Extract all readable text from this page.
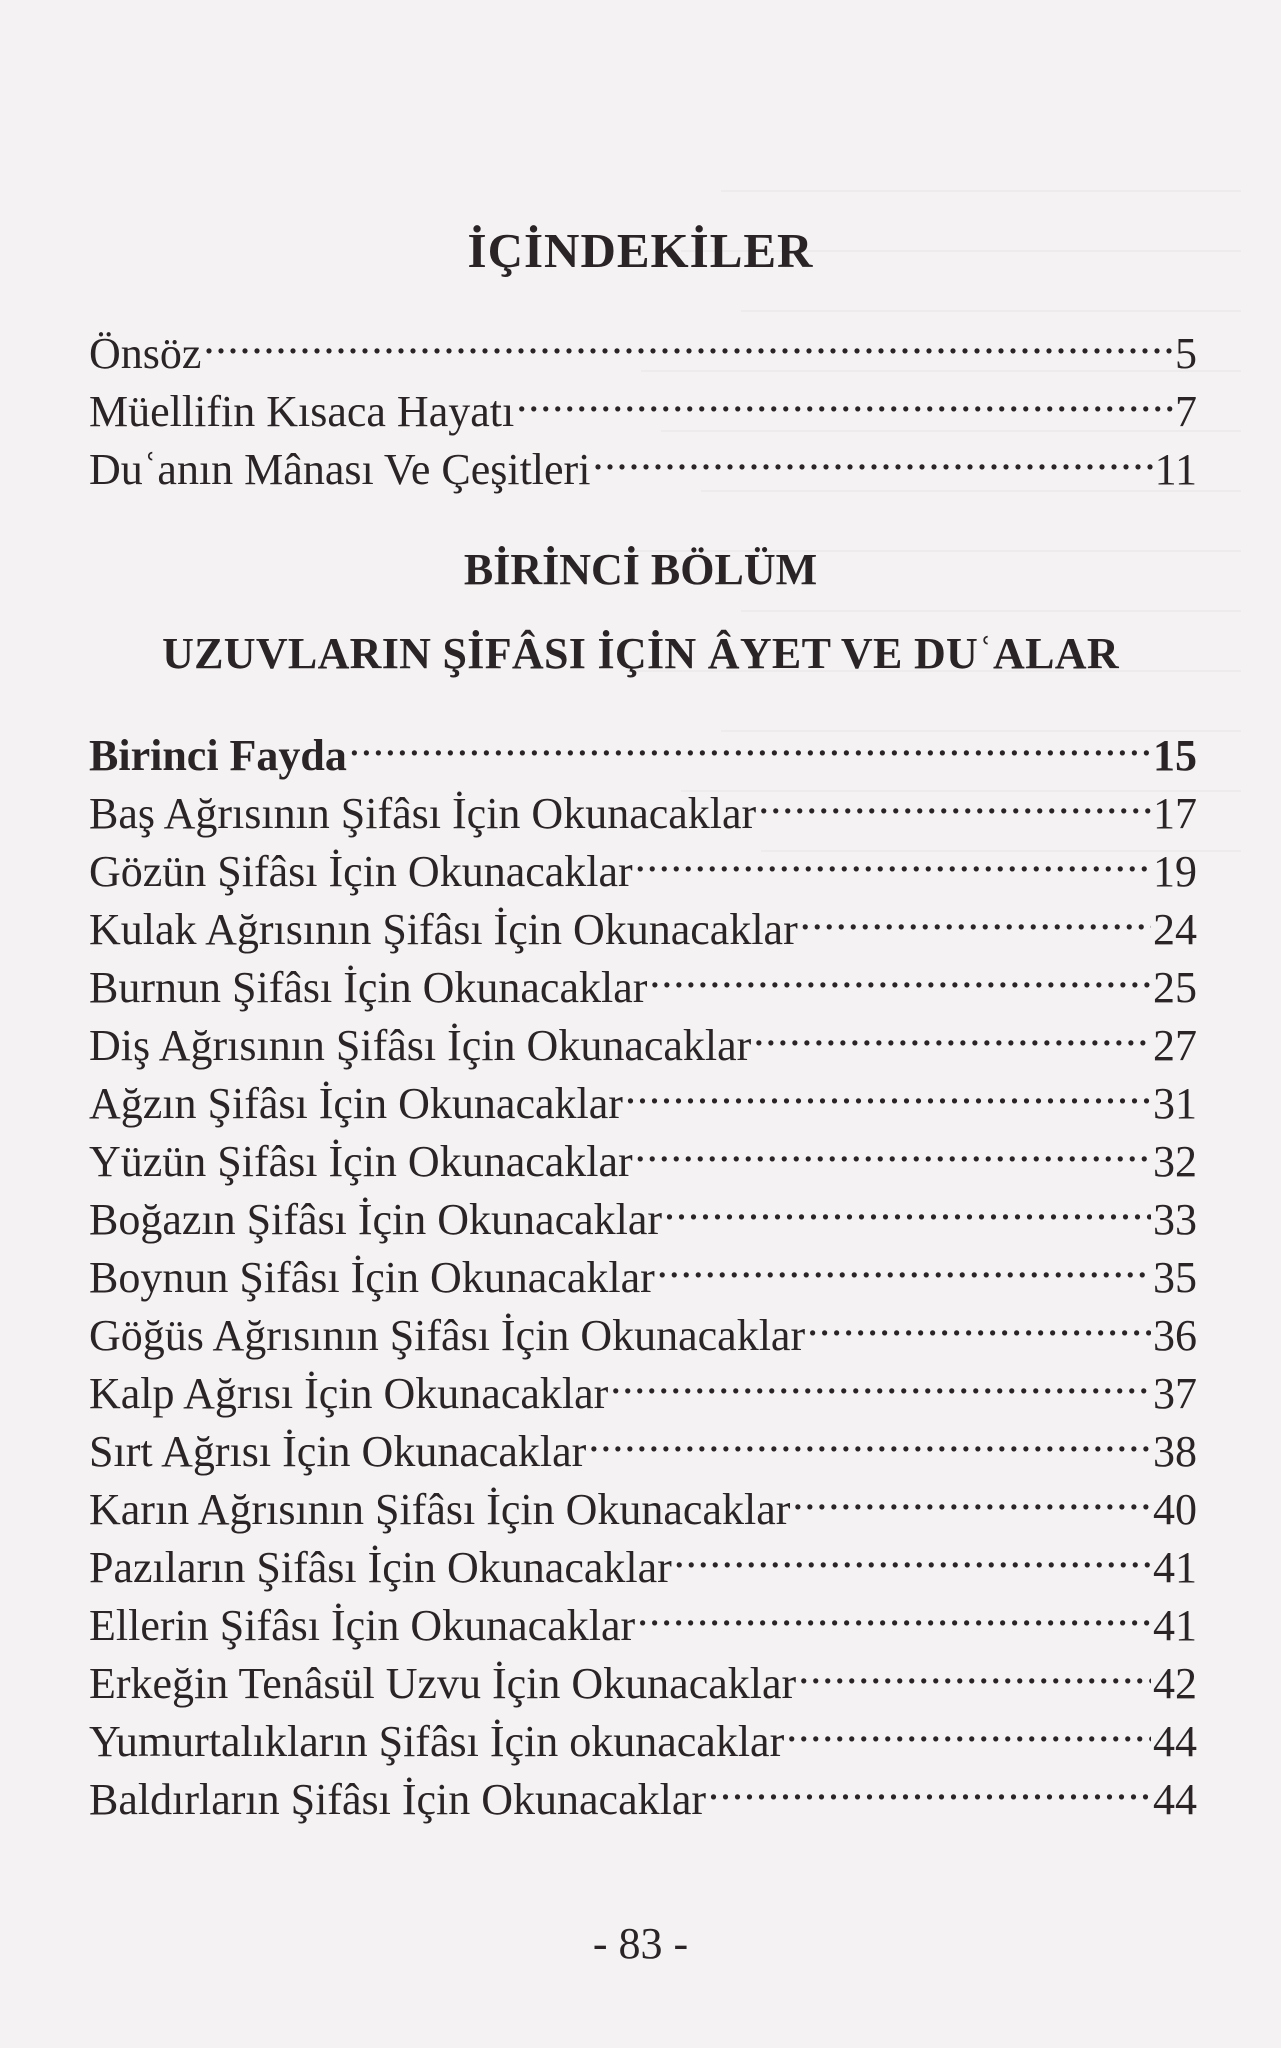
İÇİNDEKİLER
Önsöz .....	5
Müellifin Kısaca Hayatı .....	7
Duʿanın Mânası Ve Çeşitleri .....	11
BİRİNCİ BÖLÜM
UZUVLARIN ŞİFÂSI İÇİN ÂYET VE DUʿALAR
Birinci Fayda .....	15
Baş Ağrısının Şifâsı İçin Okunacaklar .....	17
Gözün Şifâsı İçin Okunacaklar .....	19
Kulak Ağrısının Şifâsı İçin Okunacaklar .....	24
Burnun Şifâsı İçin Okunacaklar .....	25
Diş Ağrısının Şifâsı İçin Okunacaklar .....	27
Ağzın Şifâsı İçin Okunacaklar .....	31
Yüzün Şifâsı İçin Okunacaklar .....	32
Boğazın Şifâsı İçin Okunacaklar .....	33
Boynun Şifâsı İçin Okunacaklar .....	35
Göğüs Ağrısının Şifâsı İçin Okunacaklar .....	36
Kalp Ağrısı İçin Okunacaklar .....	37
Sırt Ağrısı İçin Okunacaklar .....	38
Karın Ağrısının Şifâsı İçin Okunacaklar .....	40
Pazıların Şifâsı İçin Okunacaklar .....	41
Ellerin Şifâsı İçin Okunacaklar .....	41
Erkeğin Tenâsül Uzvu İçin Okunacaklar .....	42
Yumurtalıkların Şifâsı İçin okunacaklar .....	44
Baldırların Şifâsı İçin Okunacaklar .....	44
- 83 -
